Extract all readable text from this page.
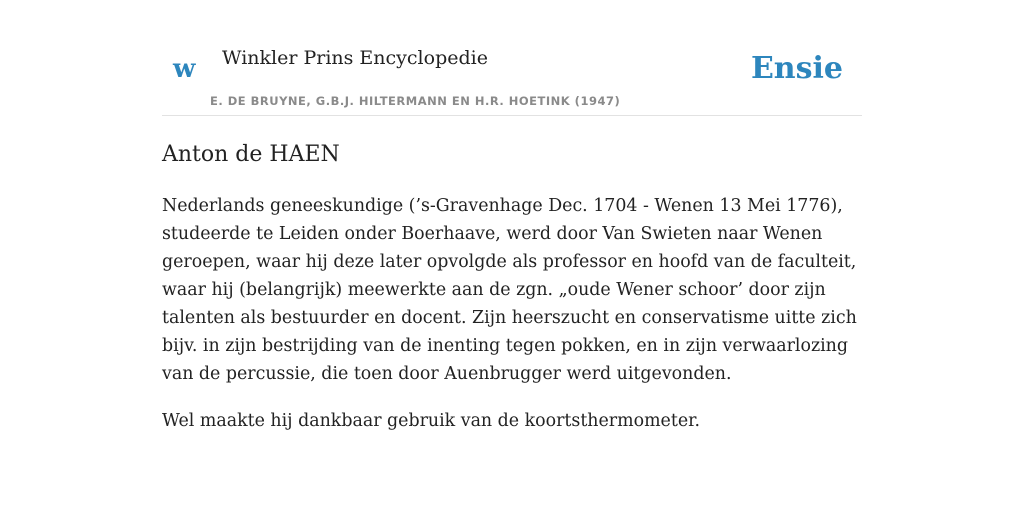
w Winkler Prins Encyclopedie	Ensie
E. DE BRUYNE, G.B.J. HILTERMANN EN H.R. HOETINK (1947)
Anton de HAEN

Nederlands geneeskundige (’s-Gravenhage Dec. 1704 - Wenen 13 Mei 1776), studeerde te Leiden onder Boerhaave, werd door Van Swieten naar Wenen geroepen, waar hij deze later opvolgde als professor en hoofd van de faculteit, waar hij (belangrijk) meewerkte aan de zgn. „oude Wener schoor’ door zijn talenten als bestuurder en docent. Zijn heerszucht en conservatisme uitte zich bijv. in zijn bestrijding van de inenting tegen pokken, en in zijn verwaarlozing van de percussie, die toen door Auenbrugger werd uitgevonden.

Wel maakte hij dankbaar gebruik van de koortsthermometer.
